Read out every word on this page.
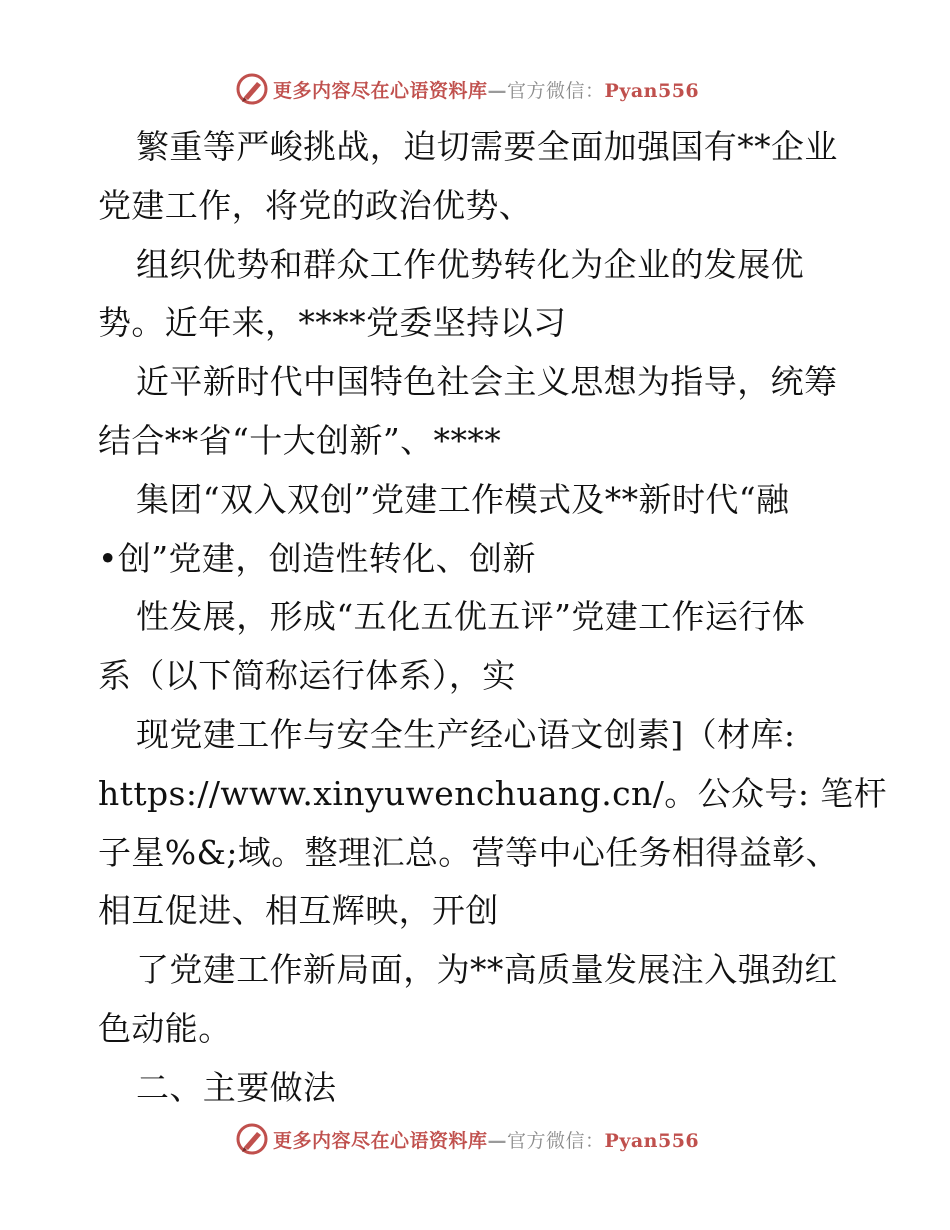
更多内容尽在心语资料库—官方微信：Pyan556
繁重等严峻挑战，迫切需要全面加强国有**企业
党建工作，将党的政治优势、
组织优势和群众工作优势转化为企业的发展优
势。近年来，****党委坚持以习
近平新时代中国特色社会主义思想为指导，统筹
结合**省“十大创新”、****
集团“双入双创”党建工作模式及**新时代“融
•创”党建，创造性转化、创新
性发展，形成“五化五优五评”党建工作运行体
系（以下简称运行体系），实
现党建工作与安全生产经心语文创素]（材库:
https://www.xinyuwenchuang.cn/。公众号: 笔杆
子星%&;域。整理汇总。营等中心任务相得益彰、
相互促进、相互辉映，开创
了党建工作新局面，为**高质量发展注入强劲红
色动能。
二、主要做法
更多内容尽在心语资料库—官方微信：Pyan556
